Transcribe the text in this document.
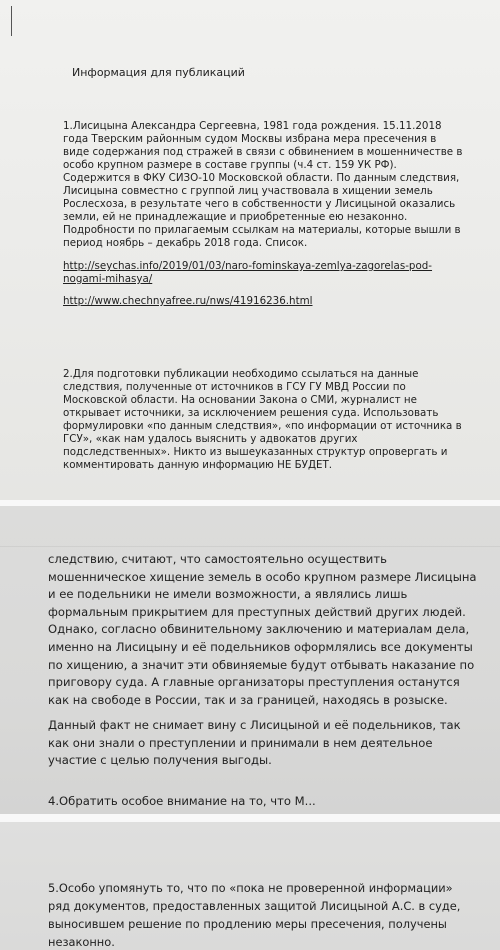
Информация для публикаций
1.Лисицына Александра Сергеевна, 1981 года рождения. 15.11.2018 года Тверским районным судом Москвы избрана мера пресечения в виде содержания под стражей в связи с обвинением в мошенничестве в особо крупном размере в составе группы (ч.4 ст. 159 УК РФ). Содержится в ФКУ СИЗО-10 Московской области. По данным следствия, Лисицына совместно с группой лиц участвовала в хищении земель Рослесхоза, в результате чего в собственности у Лисицыной оказались земли, ей не принадлежащие и приобретенные ею незаконно. Подробности по прилагаемым ссылкам на материалы, которые вышли в период ноябрь – декабрь 2018 года. Список.
http://seychas.info/2019/01/03/naro-fominskaya-zemlya-zagorelas-pod-nogami-mihasya/
http://www.chechnyafree.ru/nws/41916236.html
2.Для подготовки публикации необходимо ссылаться на данные следствия, полученные от источников в ГСУ ГУ МВД России по Московской области. На основании Закона о СМИ, журналист не открывает источники, за исключением решения суда. Использовать формулировки «по данным следствия», «по информации от источника в ГСУ», «как нам удалось выяснить у адвокатов других подследственных». Никто из вышеуказанных структур опровергать и комментировать данную информацию НЕ БУДЕТ.
следствию, считают, что самостоятельно осуществить мошенническое хищение земель в особо крупном размере Лисицына и ее подельники не имели возможности, а являлись лишь формальным прикрытием для преступных действий других людей. Однако, согласно обвинительному заключению и материалам дела, именно на Лисицыну и её подельников оформлялись все документы по хищению, а значит эти обвиняемые будут отбывать наказание по приговору суда. А главные организаторы преступления останутся как на свободе в России, так и за границей, находясь в розыске.
Данный факт не снимает вину с Лисицыной и её подельников, так как они знали о преступлении и принимали в нем деятельное участие с целью получения выгоды.
4.Обратить особое внимание на то, что М...
5.Особо упомянуть то, что по «пока не проверенной информации» ряд документов, предоставленных защитой Лисицыной А.С. в суде, выносившем решение по продлению меры пресечения, получены незаконно.
